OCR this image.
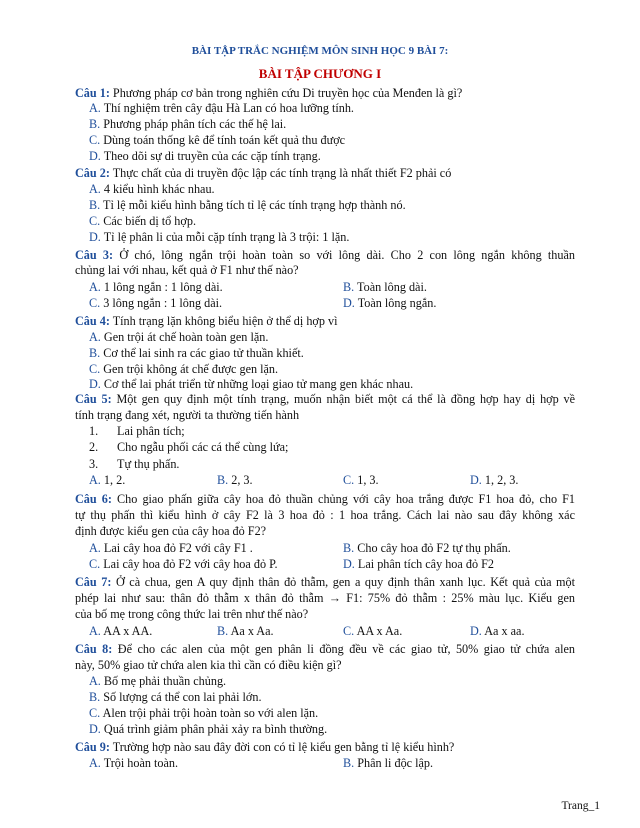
BÀI TẬP TRẮC NGHIỆM MÔN SINH HỌC 9 BÀI 7:
BÀI TẬP CHƯƠNG I
Câu 1: Phương pháp cơ bản trong nghiên cứu Di truyền học của Menđen là gì?
A. Thí nghiệm trên cây đậu Hà Lan có hoa lưỡng tính.
B. Phương pháp phân tích các thế hệ lai.
C. Dùng toán thống kê để tính toán kết quả thu được
D. Theo dõi sự di truyền của các cặp tính trạng.
Câu 2: Thực chất của di truyền độc lập các tính trạng là nhất thiết F2 phải có
A. 4 kiểu hình khác nhau.
B. Tỉ lệ mỗi kiểu hình bằng tích tỉ lệ các tính trạng hợp thành nó.
C. Các biến dị tổ hợp.
D. Tỉ lệ phân li của mỗi cặp tính trạng là 3 trội: 1 lặn.
Câu 3: Ở chó, lông ngắn trội hoàn toàn so với lông dài. Cho 2 con lông ngắn không thuần
chủng lai với nhau, kết quả ở F1 như thế nào?
A. 1 lông ngắn : 1 lông dài.	B. Toàn lông dài.
C. 3 lông ngắn : 1 lông dài.	D. Toàn lông ngắn.
Câu 4: Tính trạng lặn không biểu hiện ở thể dị hợp vì
A. Gen trội át chế hoàn toàn gen lặn.
B. Cơ thể lai sinh ra các giao tử thuần khiết.
C. Gen trội không át chế được gen lặn.
D. Cơ thể lai phát triển từ những loại giao tử mang gen khác nhau.
Câu 5: Một gen quy định một tính trạng, muốn nhận biết một cá thể là đồng hợp hay dị hợp về
tính trạng đang xét, người ta thường tiến hành
1. Lai phân tích;
2. Cho ngẫu phối các cá thể cùng lứa;
3. Tự thụ phấn.
A. 1, 2.	B. 2, 3.	C. 1, 3.	D. 1, 2, 3.
Câu 6: Cho giao phấn giữa cây hoa đỏ thuần chủng với cây hoa trắng được F1 hoa đỏ, cho F1
tự thụ phấn thì kiểu hình ở cây F2 là 3 hoa đỏ : 1 hoa trắng. Cách lai nào sau đây không xác
định được kiểu gen của cây hoa đỏ F2?
A. Lai cây hoa đỏ F2 với cây F1 .	B. Cho cây hoa đỏ F2 tự thụ phấn.
C. Lai cây hoa đỏ F2 với cây hoa đỏ P.	D. Lai phân tích cây hoa đỏ F2
Câu 7: Ở cà chua, gen A quy định thân đỏ thẫm, gen a quy định thân xanh lục. Kết quả của một
phép lai như sau: thân đỏ thẫm x thân đỏ thẫm → F1: 75% đỏ thẫm : 25% màu lục. Kiểu gen
của bố mẹ trong công thức lai trên như thế nào?
A. AA x AA.	B. Aa x Aa.	C. AA x Aa.	D. Aa x aa.
Câu 8: Để cho các alen của một gen phân li đồng đều về các giao tử, 50% giao tử chứa alen
này, 50% giao tử chứa alen kia thì cần có điều kiện gì?
A. Bố mẹ phải thuần chủng.
B. Số lượng cá thể con lai phải lớn.
C. Alen trội phải trội hoàn toàn so với alen lặn.
D. Quá trình giảm phân phải xảy ra bình thường.
Câu 9: Trường hợp nào sau đây đời con có tỉ lệ kiểu gen bằng tỉ lệ kiểu hình?
A. Trội hoàn toàn.	B. Phân li độc lập.
Trang_1
